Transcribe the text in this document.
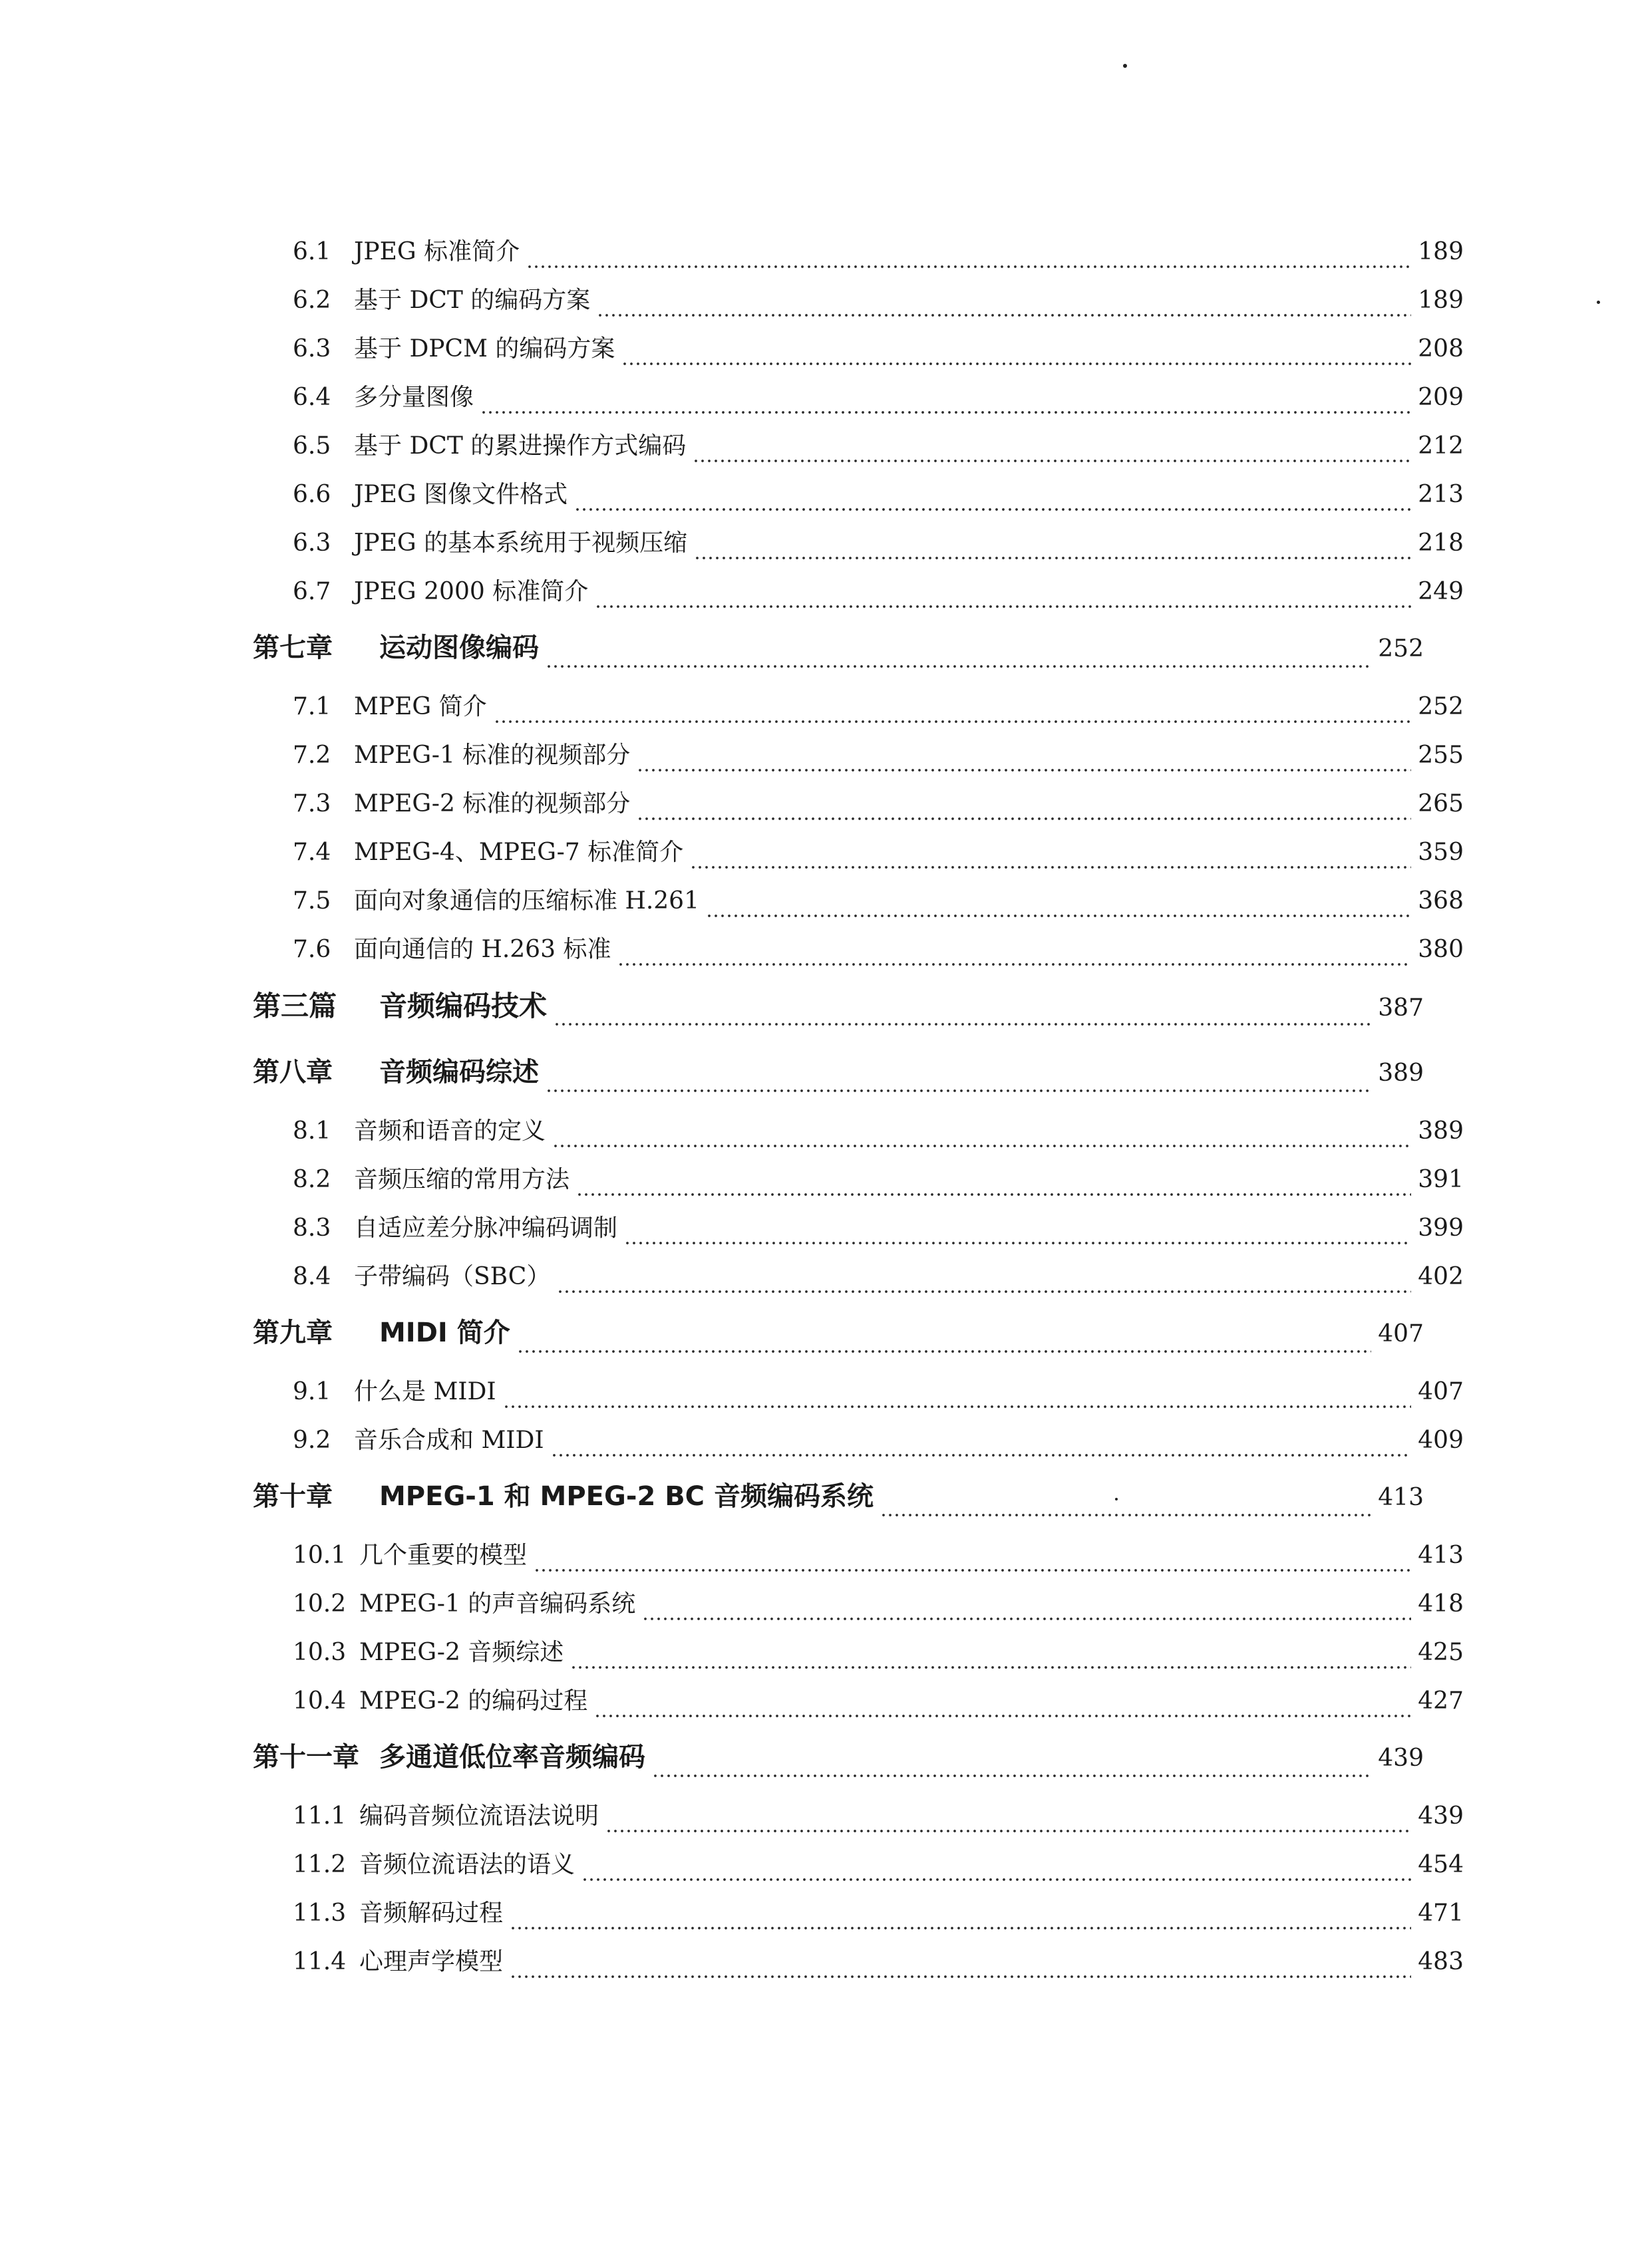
6.1 JPEG 标准简介	189
6.2 基于 DCT 的编码方案	189
6.3 基于 DPCM 的编码方案	208
6.4 多分量图像	209
6.5 基于 DCT 的累进操作方式编码	212
6.6 JPEG 图像文件格式	213
6.3 JPEG 的基本系统用于视频压缩	218
6.7 JPEG 2000 标准简介	249
第七章	运动图像编码	252
7.1 MPEG 简介	252
7.2 MPEG-1 标准的视频部分	255
7.3 MPEG-2 标准的视频部分	265
7.4 MPEG-4、MPEG-7 标准简介	359
7.5 面向对象通信的压缩标准 H.261	368
7.6 面向通信的 H.263 标准	380
第三篇	音频编码技术	387
第八章	音频编码综述	389
8.1 音频和语音的定义	389
8.2 音频压缩的常用方法	391
8.3 自适应差分脉冲编码调制	399
8.4 子带编码（SBC）	402
第九章	MIDI 简介	407
9.1 什么是 MIDI	407
9.2 音乐合成和 MIDI	409
第十章	MPEG-1 和 MPEG-2 BC 音频编码系统	413
10.1 几个重要的模型	413
10.2 MPEG-1 的声音编码系统	418
10.3 MPEG-2 音频综述	425
10.4 MPEG-2 的编码过程	427
第十一章 多通道低位率音频编码	439
11.1 编码音频位流语法说明	439
11.2 音频位流语法的语义	454
11.3 音频解码过程	471
11.4 心理声学模型	483
